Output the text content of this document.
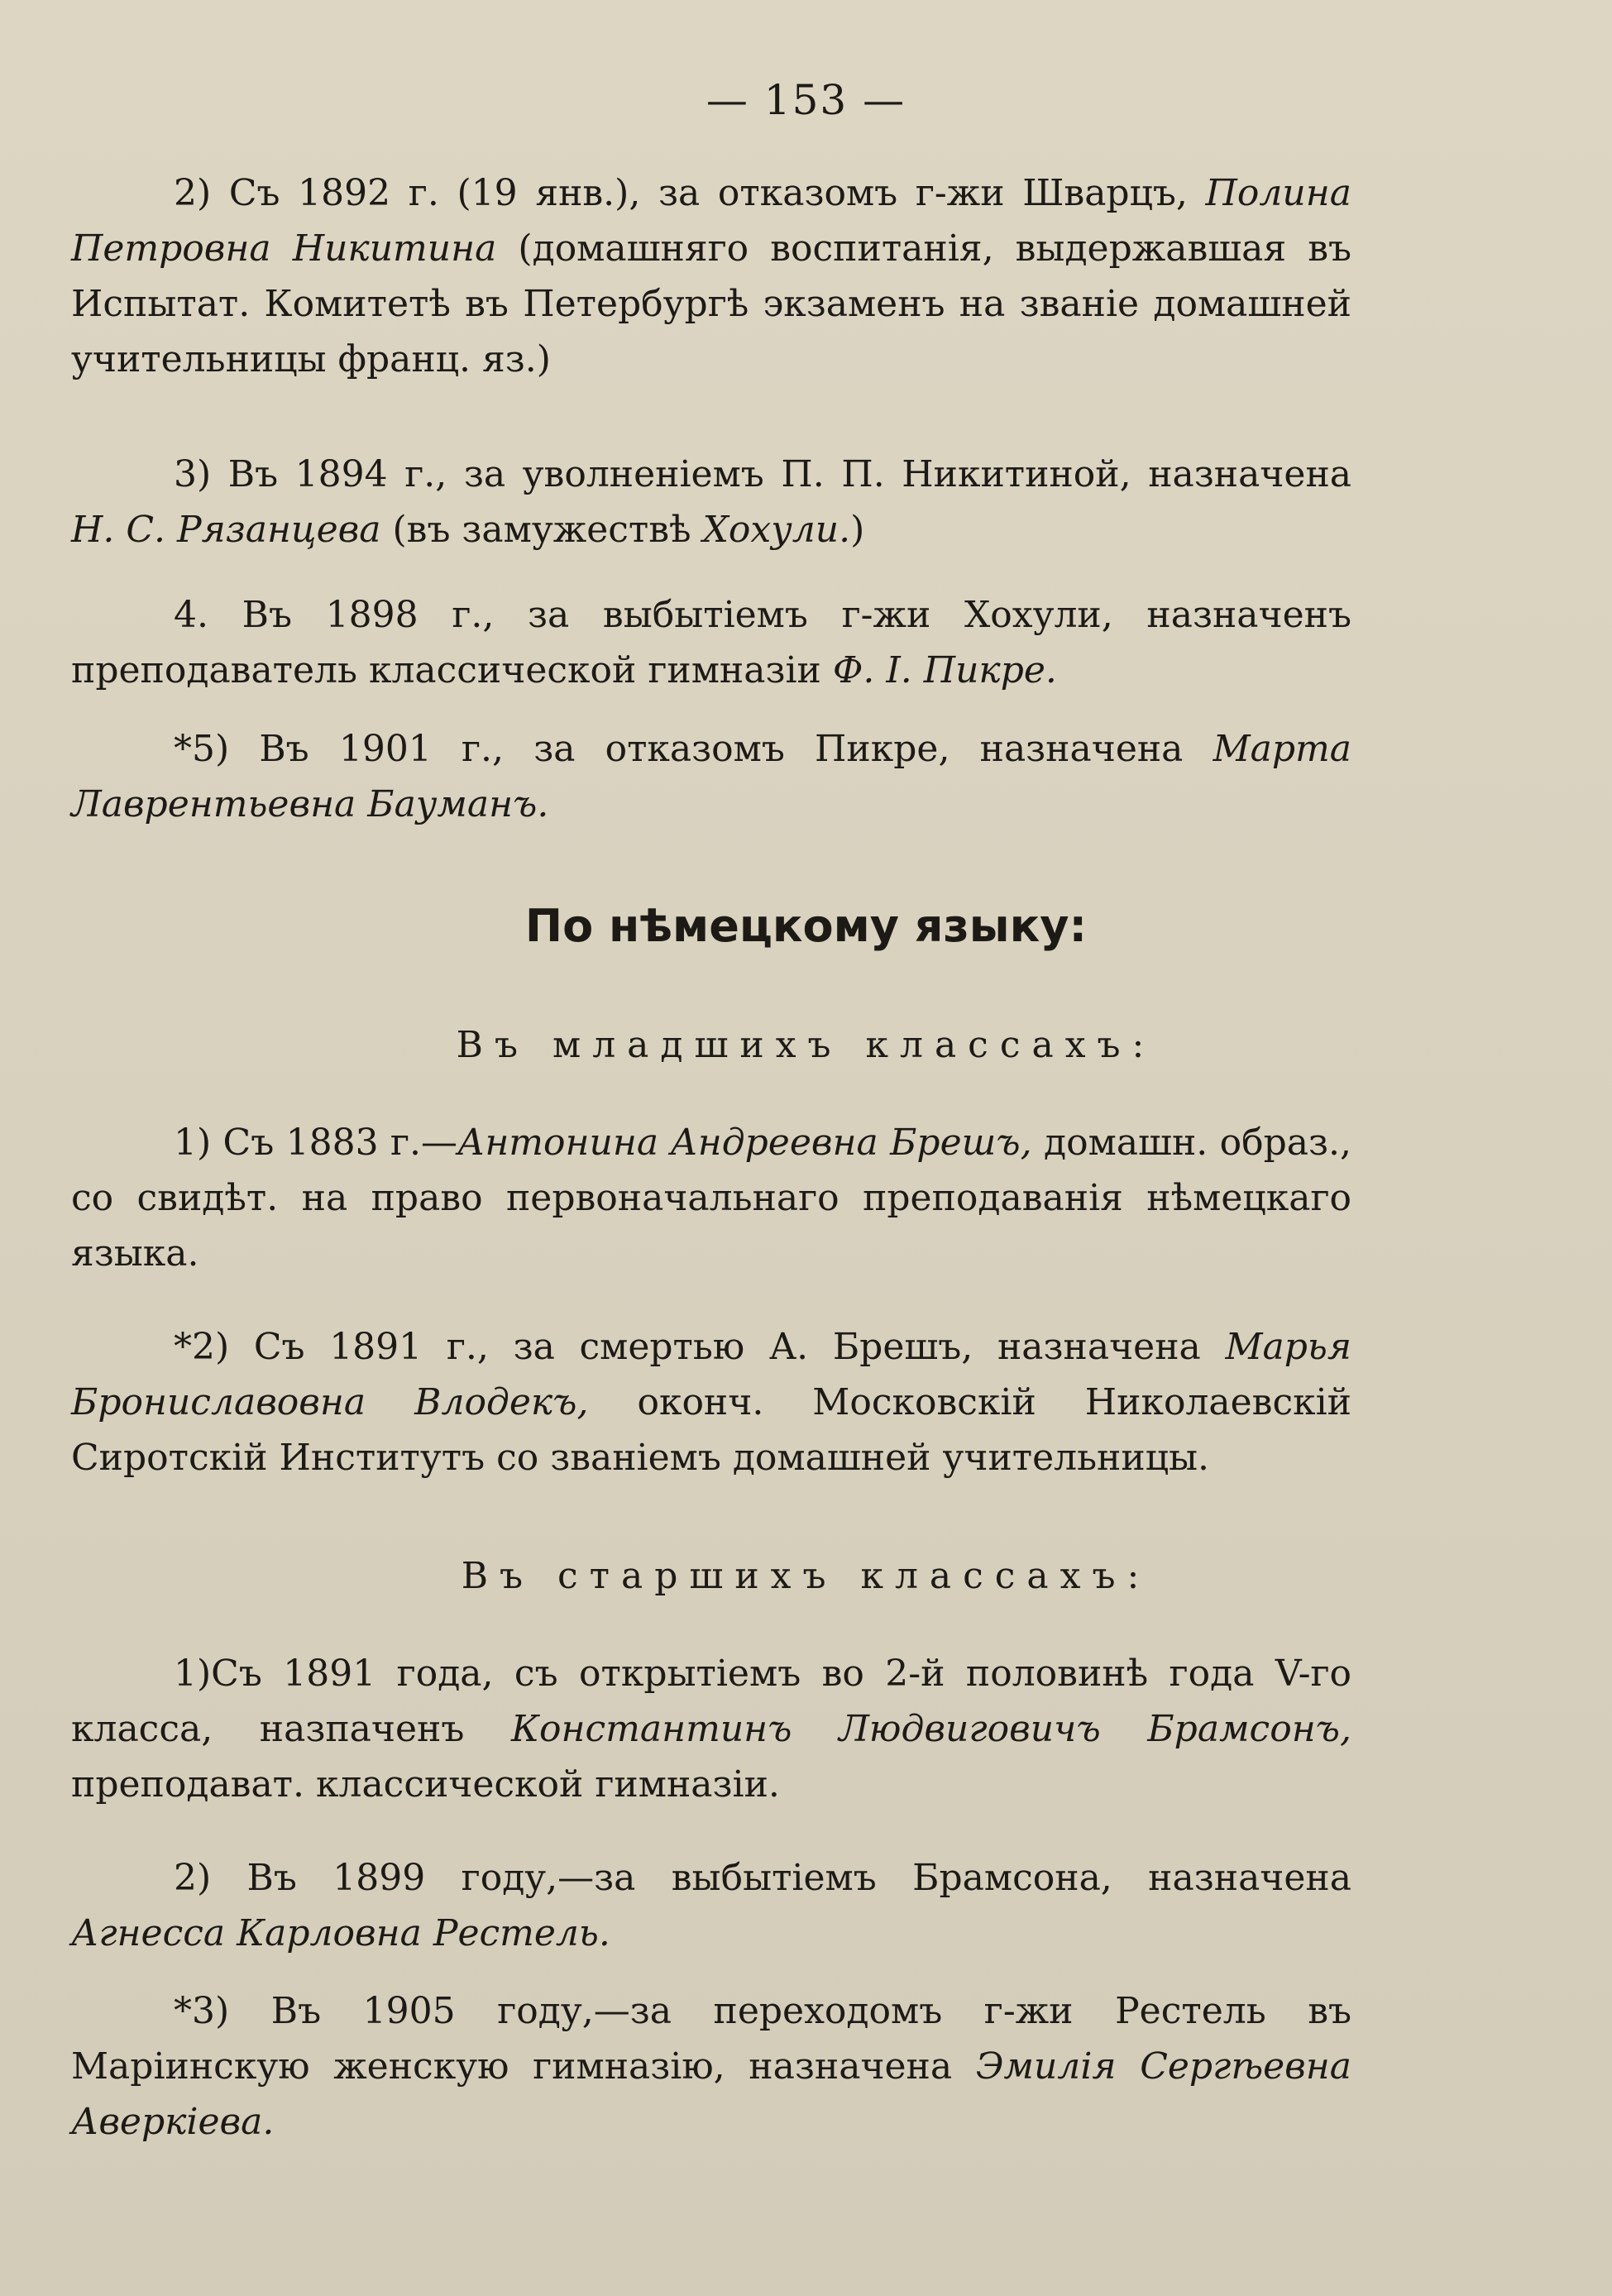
— 153 —

2) Съ 1892 г. (19 янв.), за отказомъ г-жи Шварцъ, Полина Петровна Никитина (домашняго воспитанія, выдержавшая въ Испытат. Комитетѣ въ Петербургѣ экзаменъ на званіе домашней учительницы франц. яз.)

3) Въ 1894 г., за уволненіемъ П. П. Никитиной, назначена Н. С. Рязанцева (въ замужествѣ Хохули.)

4. Въ 1898 г., за выбытіемъ г-жи Хохули, назначенъ преподаватель классической гимназіи Ф. І. Пикре.

*5) Въ 1901 г., за отказомъ Пикре, назначена Марта Лаврентьевна Бауманъ.

По нѣмецкому языку:
Въ младшихъ классахъ:

1) Съ 1883 г.—Антонина Андреевна Брешъ, домашн. образ., со свидѣт. на право первоначальнаго преподаванія нѣмецкаго языка.

*2) Съ 1891 г., за смертью А. Брешъ, назначена Марья Брониславовна Влодекъ, оконч. Московскій Николаевскій Сиротскій Институтъ со званіемъ домашней учительницы.

Въ старшихъ классахъ:

1)Съ 1891 года, съ открытіемъ во 2-й половинѣ года V-го класса, назпаченъ Константинъ Людвиговичъ Брамсонъ, преподават. классической гимназіи.

2) Въ 1899 году,—за выбытіемъ Брамсона, назначена Агнесса Карловна Рестель.

*3) Въ 1905 году,—за переходомъ г-жи Рестель въ Маріинскую женскую гимназію, назначена Эмилія Сергѣевна Аверкіева.
